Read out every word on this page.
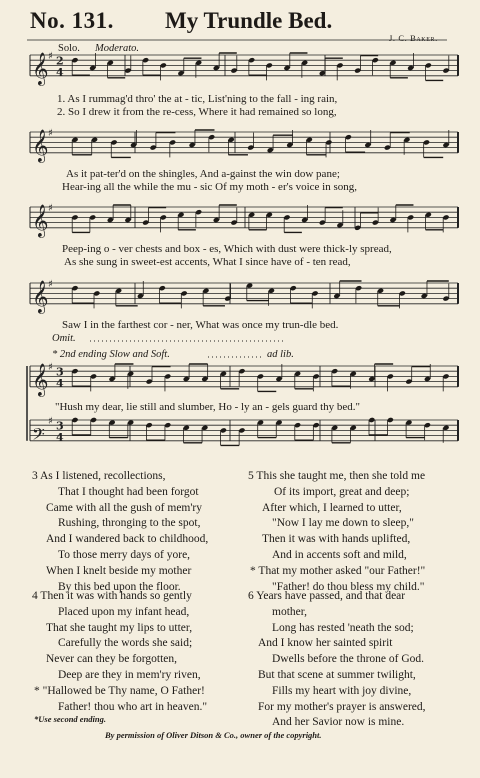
No. 131. My Trundle Bed.
J. C. Baker.
Solo. Moderato.
𝄞 ♯ 2
4
𝄞 ♯
𝄞 ♯
𝄞 ♯
𝄞 ♯ 3
4
𝄢
♯ 3
4
1. As I rummag'd thro' the at - tic, List'ning to the fall - ing rain,
2. So I drew it from the re-cess, Where it had remained so long,
As it pat-ter'd on the shingles, And a-gainst the win dow pane;
Hear-ing all the while the mu - sic Of my moth - er's voice in song,
Peep-ing o - ver chests and box - es, Which with dust were thick-ly spread,
As she sung in sweet-est accents, What I since have of - ten read,
Saw I in the farthest cor - ner, What was once my trun-dle bed.
Omit.
* 2nd ending Slow and Soft.	ad lib.
"Hush my dear, lie still and slumber, Ho - ly an - gels guard thy bed."
3 As I listened, recollections,
That I thought had been forgot
Came with all the gush of mem'ry
Rushing, thronging to the spot,
And I wandered back to childhood,
To those merry days of yore,
When I knelt beside my mother
By this bed upon the floor.
4 Then it was with hands so gently
Placed upon my infant head,
That she taught my lips to utter,
Carefully the words she said;
Never can they be forgotten,
Deep are they in mem'ry riven,
* "Hallowed be Thy name, O Father!
Father! thou who art in heaven."
5 This she taught me, then she told me
Of its import, great and deep;
After which, I learned to utter,
"Now I lay me down to sleep,"
Then it was with hands uplifted,
And in accents soft and mild,
* That my mother asked "our Father!"
"Father! do thou bless my child."
6 Years have passed, and that dear
mother,
Long has rested 'neath the sod;
And I know her sainted spirit
Dwells before the throne of God.
But that scene at summer twilight,
Fills my heart with joy divine,
For my mother's prayer is answered,
And her Savior now is mine.
*Use second ending.
By permission of Oliver Ditson & Co., owner of the copyright.
